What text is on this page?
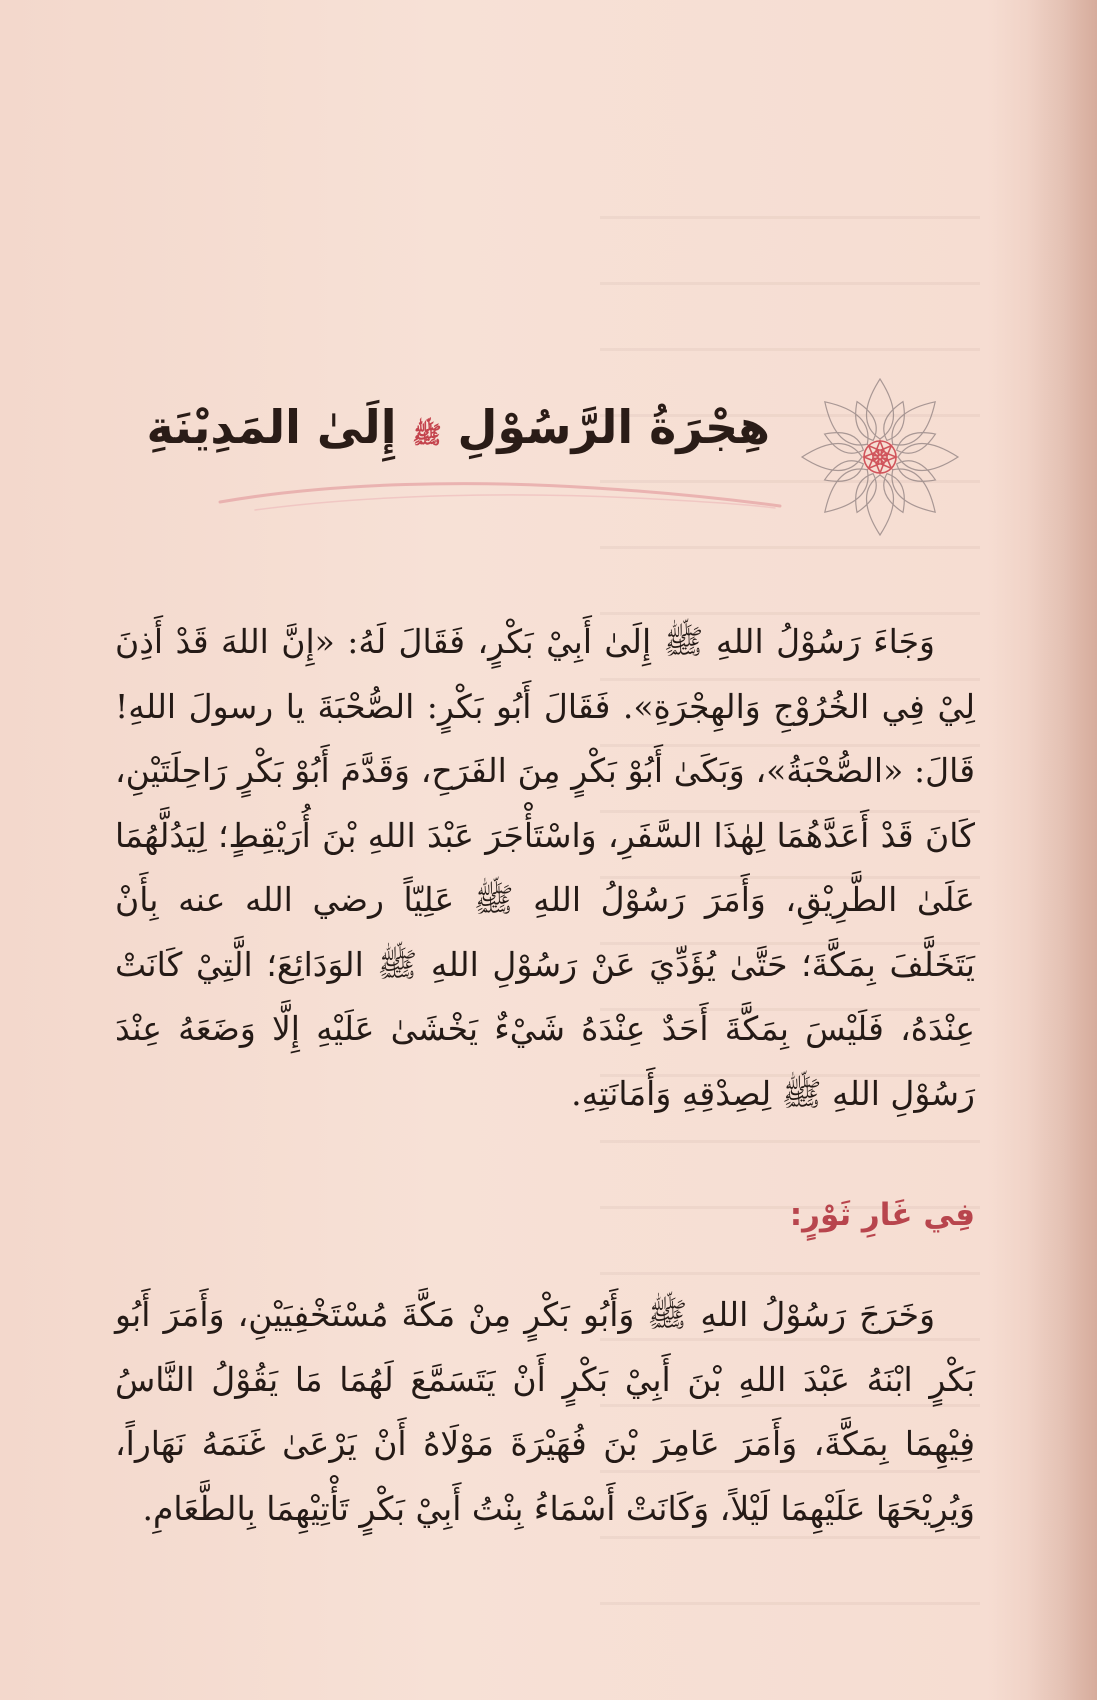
هِجْرَةُ الرَّسُوْلِ ﷺ إِلَىٰ المَدِيْنَةِ

وَجَاءَ رَسُوْلُ اللهِ ﷺ إِلَىٰ أَبِيْ بَكْرٍ، فَقَالَ لَهُ: «إِنَّ اللهَ قَدْ أَذِنَ لِيْ فِي الخُرُوْجِ وَالهِجْرَةِ». فَقَالَ أَبُو بَكْرٍ: الصُّحْبَةَ يا رسولَ اللهِ! قَالَ: «الصُّحْبَةُ»، وَبَكَىٰ أَبُوْ بَكْرٍ مِنَ الفَرَحِ، وَقَدَّمَ أَبُوْ بَكْرٍ رَاحِلَتَيْنِ، كَانَ قَدْ أَعَدَّهُمَا لِهٰذَا السَّفَرِ، وَاسْتَأْجَرَ عَبْدَ اللهِ بْنَ أُرَيْقِطٍ؛ لِيَدُلَّهُمَا عَلَىٰ الطَّرِيْقِ، وَأَمَرَ رَسُوْلُ اللهِ ﷺ عَلِيّاً رضي الله عنه بِأَنْ يَتَخَلَّفَ بِمَكَّةَ؛ حَتَّىٰ يُؤَدِّيَ عَنْ رَسُوْلِ اللهِ ﷺ الوَدَائِعَ؛ الَّتِيْ كَانَتْ عِنْدَهُ، فَلَيْسَ بِمَكَّةَ أَحَدٌ عِنْدَهُ شَيْءٌ يَخْشَىٰ عَلَيْهِ إِلَّا وَضَعَهُ عِنْدَ رَسُوْلِ اللهِ ﷺ لِصِدْقِهِ وَأَمَانَتِهِ.

فِي غَارِ ثَوْرٍ:

وَخَرَجَ رَسُوْلُ اللهِ ﷺ وَأَبُو بَكْرٍ مِنْ مَكَّةَ مُسْتَخْفِيَيْنِ، وَأَمَرَ أَبُو بَكْرٍ ابْنَهُ عَبْدَ اللهِ بْنَ أَبِيْ بَكْرٍ أَنْ يَتَسَمَّعَ لَهُمَا مَا يَقُوْلُ النَّاسُ فِيْهِمَا بِمَكَّةَ، وَأَمَرَ عَامِرَ بْنَ فُهَيْرَةَ مَوْلَاهُ أَنْ يَرْعَىٰ غَنَمَهُ نَهَاراً، وَيُرِيْحَهَا عَلَيْهِمَا لَيْلاً، وَكَانَتْ أَسْمَاءُ بِنْتُ أَبِيْ بَكْرٍ تَأْتِيْهِمَا بِالطَّعَامِ.
